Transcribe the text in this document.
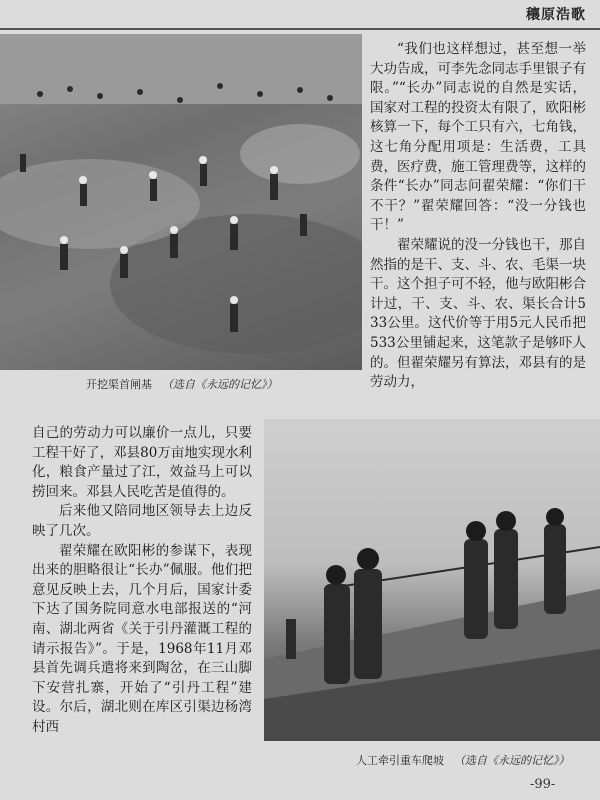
穰原浩歌
开挖渠首闸基 （选自《永远的记忆》）

“我们也这样想过，甚至想一举大功告成，可李先念同志手里银子有限。”“长办”同志说的自然是实话，国家对工程的投资太有限了，欧阳彬核算一下，每个工只有六，七角钱，这七角分配用项是：生活费，工具费，医疗费，施工管理费等，这样的条件“长办”同志问翟荣耀：“你们干不干？”翟荣耀回答：“没一分钱也干！”

翟荣耀说的没一分钱也干，那自然指的是干、支、斗、农、毛渠一块干。这个担子可不轻，他与欧阳彬合计过，干、支、斗、农、渠长合计533公里。这代价等于用5元人民币把533公里铺起来，这笔款子是够吓人的。但翟荣耀另有算法，邓县有的是劳动力，

自己的劳动力可以廉价一点儿，只要工程干好了，邓县80万亩地实现水利化，粮食产量过了江，效益马上可以捞回来。邓县人民吃苦是值得的。

后来他又陪同地区领导去上边反映了几次。

翟荣耀在欧阳彬的参谋下，表现出来的胆略很让“长办”佩服。他们把意见反映上去，几个月后，国家计委下达了国务院同意水电部报送的“河南、湖北两省《关于引丹灌溉工程的请示报告》”。于是，1968年11月邓县首先调兵遣将来到陶岔，在三山脚下安营扎寨，开始了“引丹工程”建设。尔后，湖北则在库区引渠边杨湾村西

人工牵引重车爬坡 （选自《永远的记忆》）
-99-
